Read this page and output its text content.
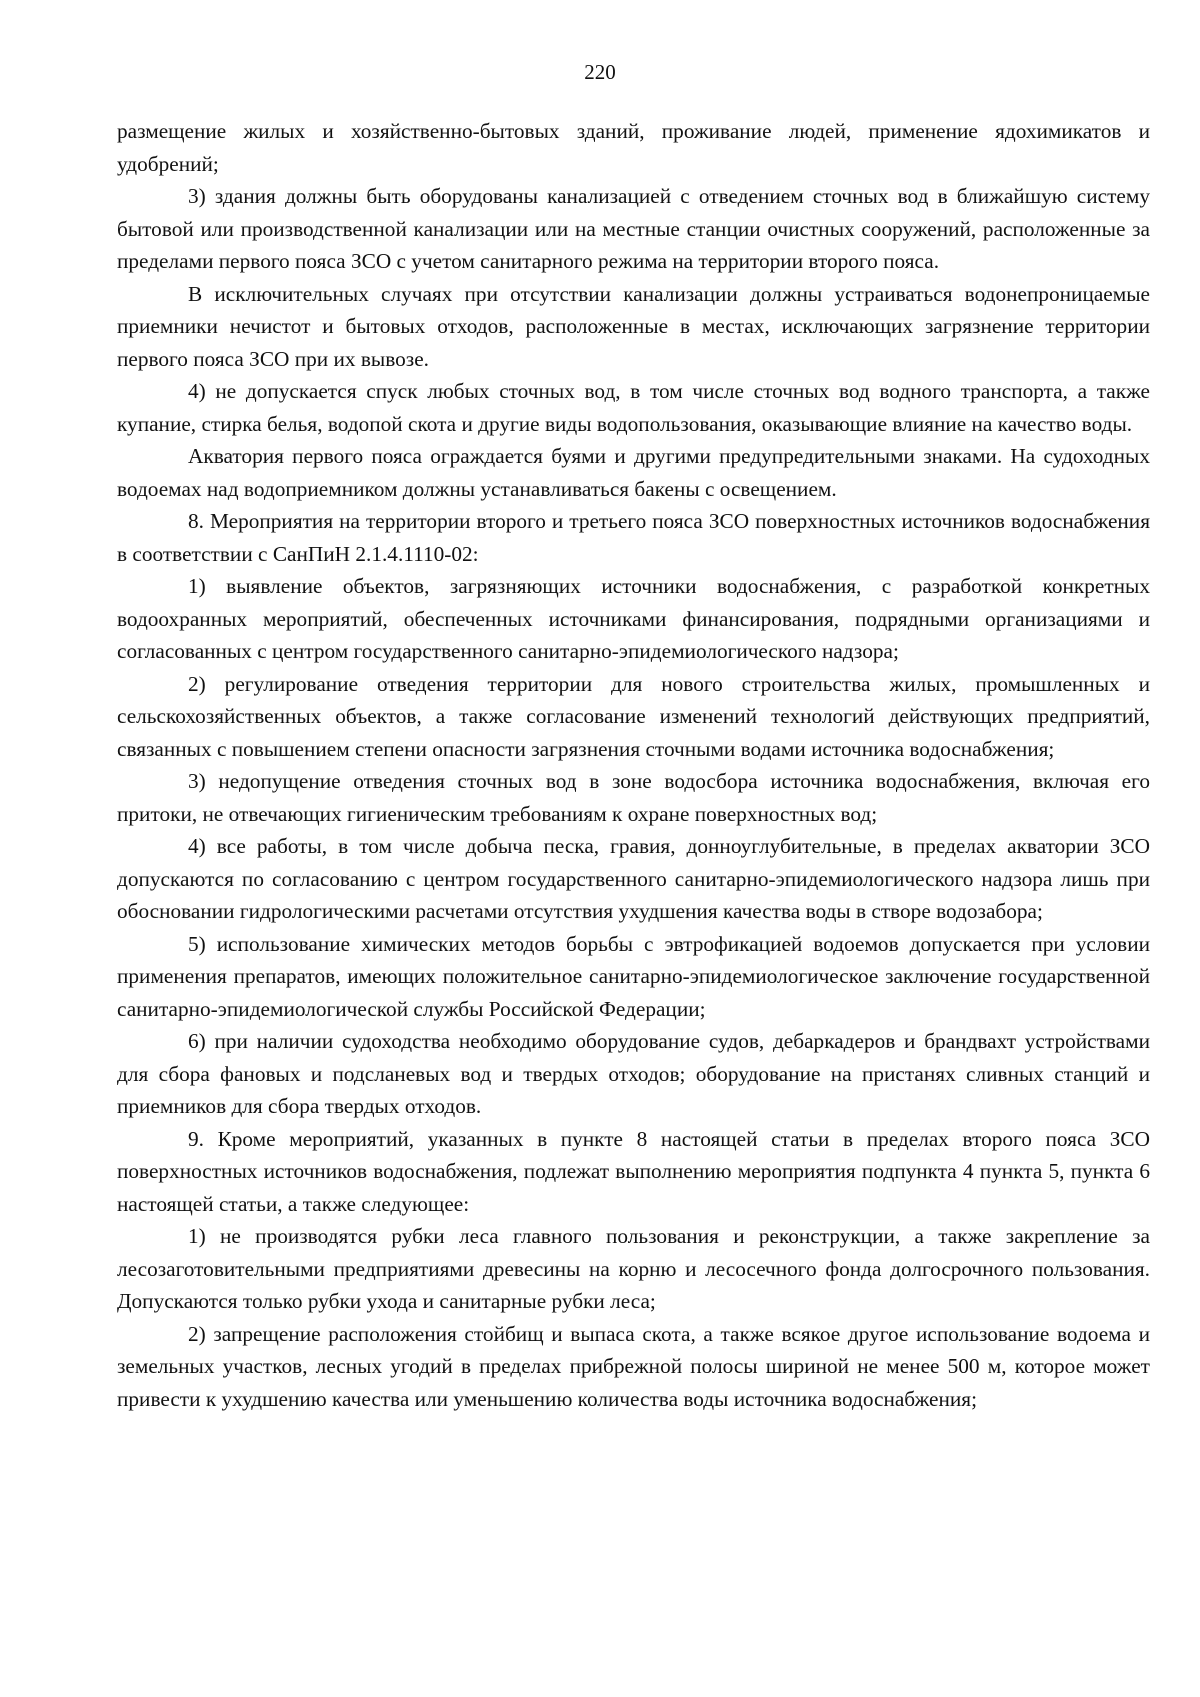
220

размещение жилых и хозяйственно-бытовых зданий, проживание людей, применение ядохимикатов и удобрений;

3) здания должны быть оборудованы канализацией с отведением сточных вод в ближайшую систему бытовой или производственной канализации или на местные станции очистных сооружений, расположенные за пределами первого пояса ЗСО с учетом санитарного режима на территории второго пояса.

В исключительных случаях при отсутствии канализации должны устраиваться водонепроницаемые приемники нечистот и бытовых отходов, расположенные в местах, исключающих загрязнение территории первого пояса ЗСО при их вывозе.

4) не допускается спуск любых сточных вод, в том числе сточных вод водного транспорта, а также купание, стирка белья, водопой скота и другие виды водопользования, оказывающие влияние на качество воды.

Акватория первого пояса ограждается буями и другими предупредительными знаками. На судоходных водоемах над водоприемником должны устанавливаться бакены с освещением.

8. Мероприятия на территории второго и третьего пояса ЗСО поверхностных источников водоснабжения в соответствии с СанПиН 2.1.4.1110-02:

1) выявление объектов, загрязняющих источники водоснабжения, с разработкой конкретных водоохранных мероприятий, обеспеченных источниками финансирования, подрядными организациями и согласованных с центром государственного санитарно-эпидемиологического надзора;

2) регулирование отведения территории для нового строительства жилых, промышленных и сельскохозяйственных объектов, а также согласование изменений технологий действующих предприятий, связанных с повышением степени опасности загрязнения сточными водами источника водоснабжения;

3) недопущение отведения сточных вод в зоне водосбора источника водоснабжения, включая его притоки, не отвечающих гигиеническим требованиям к охране поверхностных вод;

4) все работы, в том числе добыча песка, гравия, донноуглубительные, в пределах акватории ЗСО допускаются по согласованию с центром государственного санитарно-эпидемиологического надзора лишь при обосновании гидрологическими расчетами отсутствия ухудшения качества воды в створе водозабора;

5) использование химических методов борьбы с эвтрофикацией водоемов допускается при условии применения препаратов, имеющих положительное санитарно-эпидемиологическое заключение государственной санитарно-эпидемиологической службы Российской Федерации;

6) при наличии судоходства необходимо оборудование судов, дебаркадеров и брандвахт устройствами для сбора фановых и подсланевых вод и твердых отходов; оборудование на пристанях сливных станций и приемников для сбора твердых отходов.

9. Кроме мероприятий, указанных в пункте 8 настоящей статьи в пределах второго пояса ЗСО поверхностных источников водоснабжения, подлежат выполнению мероприятия подпункта 4 пункта 5, пункта 6 настоящей статьи, а также следующее:

1) не производятся рубки леса главного пользования и реконструкции, а также закрепление за лесозаготовительными предприятиями древесины на корню и лесосечного фонда долгосрочного пользования. Допускаются только рубки ухода и санитарные рубки леса;

2) запрещение расположения стойбищ и выпаса скота, а также всякое другое использование водоема и земельных участков, лесных угодий в пределах прибрежной полосы шириной не менее 500 м, которое может привести к ухудшению качества или уменьшению количества воды источника водоснабжения;
